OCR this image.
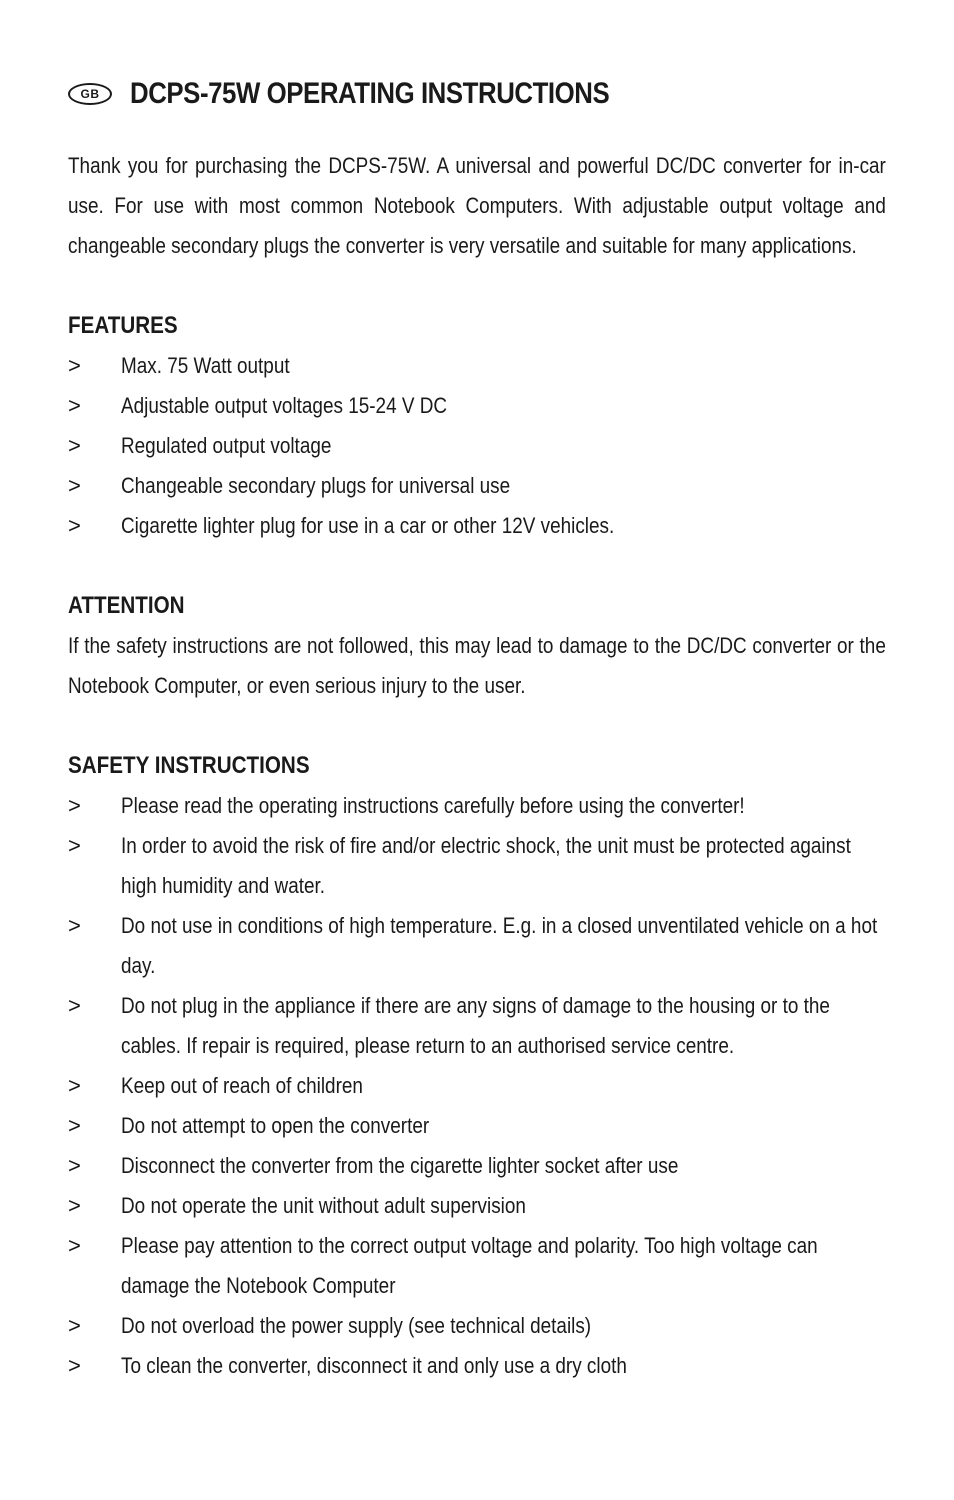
GB	DCPS-75W OPERATING INSTRUCTIONS

Thank you for purchasing the DCPS-75W. A universal and powerful DC/DC converter for in-car use. For use with most common Notebook Computers. With adjustable output voltage and changeable secondary plugs the converter is very versatile and suitable for many applications.

FEATURES
>	Max. 75 Watt output
>	Adjustable output voltages 15-24 V DC
>	Regulated output voltage
>	Changeable secondary plugs for universal use
>	Cigarette lighter plug for use in a car or other 12V vehicles.
ATTENTION

If the safety instructions are not followed, this may lead to damage to the DC/DC converter or the Notebook Computer, or even serious injury to the user.

SAFETY INSTRUCTIONS
>	Please read the operating instructions carefully before using the converter!
>	In order to avoid the risk of fire and/or electric shock, the unit must be protected against high humidity and water.
>	Do not use in conditions of high temperature. E.g. in a closed unventilated vehicle on a hot day.
>	Do not plug in the appliance if there are any signs of damage to the housing or to the cables. If repair is required, please return to an authorised service centre.
>	Keep out of reach of children
>	Do not attempt to open the converter
>	Disconnect the converter from the cigarette lighter socket after use
>	Do not operate the unit without adult supervision
>	Please pay attention to the correct output voltage and polarity. Too high voltage can damage the Notebook Computer
>	Do not overload the power supply (see technical details)
>	To clean the converter, disconnect it and only use a dry cloth
